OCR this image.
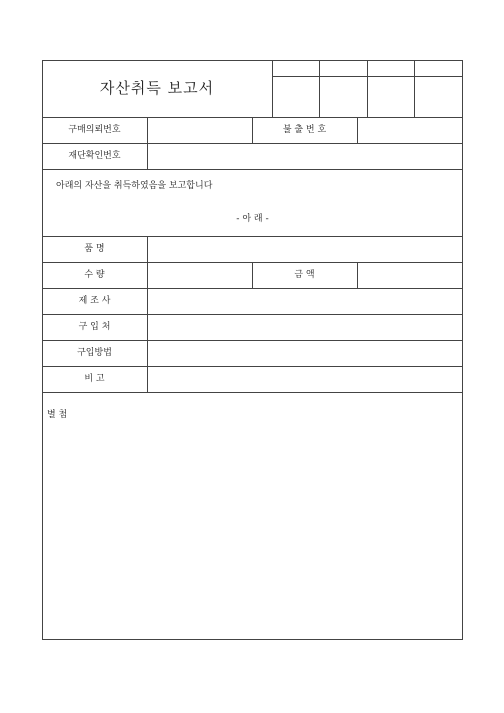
자산취득 보고서
구매의뢰번호	불 출 번 호
재단확인번호
아래의 자산을 취득하였음을 보고합니다
- 아 래 -
품 명
수 량	금 액
제 조 사
구 입 처
구입방법
비 고
별 첨
